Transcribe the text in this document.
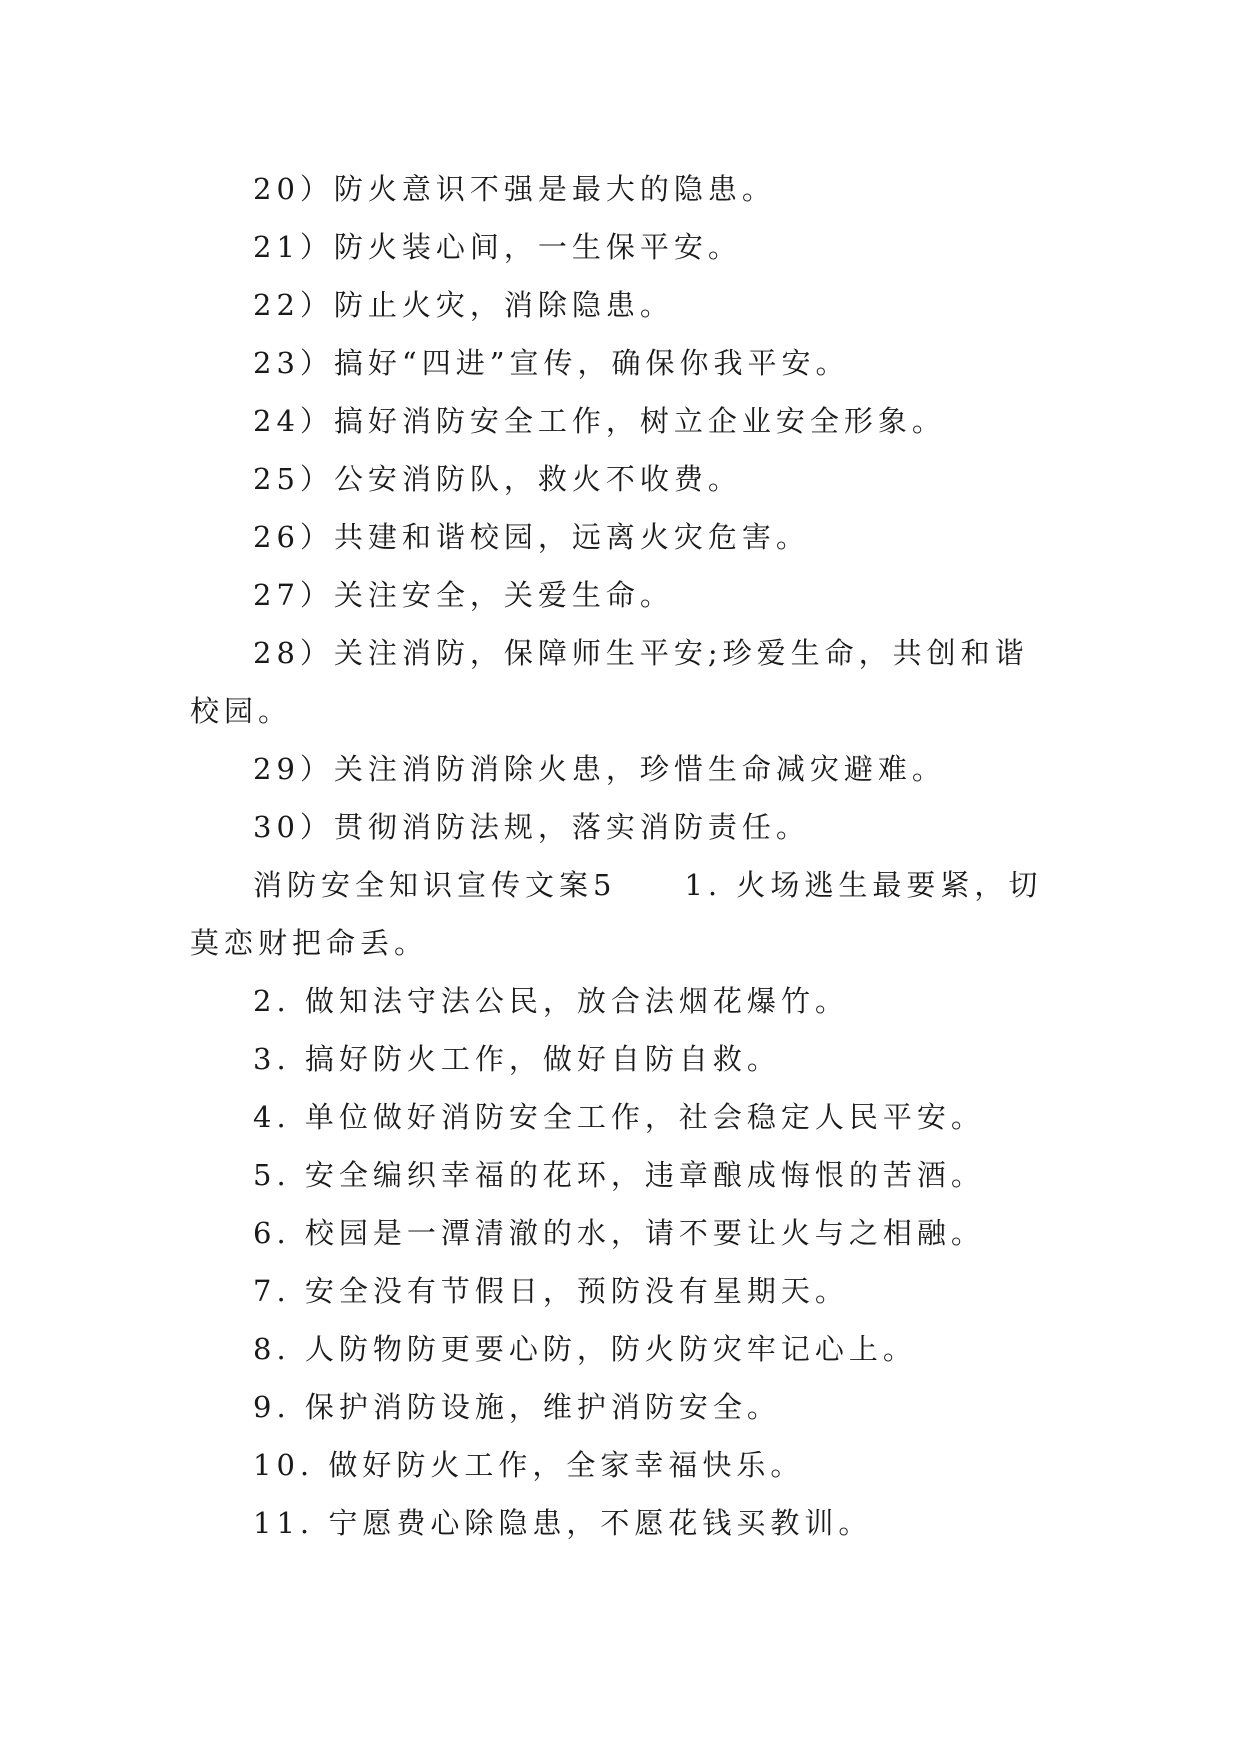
20）防火意识不强是最大的隐患。

21）防火装心间，一生保平安。

22）防止火灾，消除隐患。

23）搞好“四进”宣传，确保你我平安。

24）搞好消防安全工作，树立企业安全形象。

25）公安消防队，救火不收费。

26）共建和谐校园，远离火灾危害。

27）关注安全，关爱生命。

28）关注消防，保障师生平安;珍爱生命，共创和谐校园。

29）关注消防消除火患，珍惜生命减灾避难。

30）贯彻消防法规，落实消防责任。

消防安全知识宣传文案5　　1. 火场逃生最要紧，切莫恋财把命丢。

2. 做知法守法公民，放合法烟花爆竹。

3. 搞好防火工作，做好自防自救。

4. 单位做好消防安全工作，社会稳定人民平安。

5. 安全编织幸福的花环，违章酿成悔恨的苦酒。

6. 校园是一潭清澈的水，请不要让火与之相融。

7. 安全没有节假日，预防没有星期天。

8. 人防物防更要心防，防火防灾牢记心上。

9. 保护消防设施，维护消防安全。

10. 做好防火工作，全家幸福快乐。

11. 宁愿费心除隐患，不愿花钱买教训。
